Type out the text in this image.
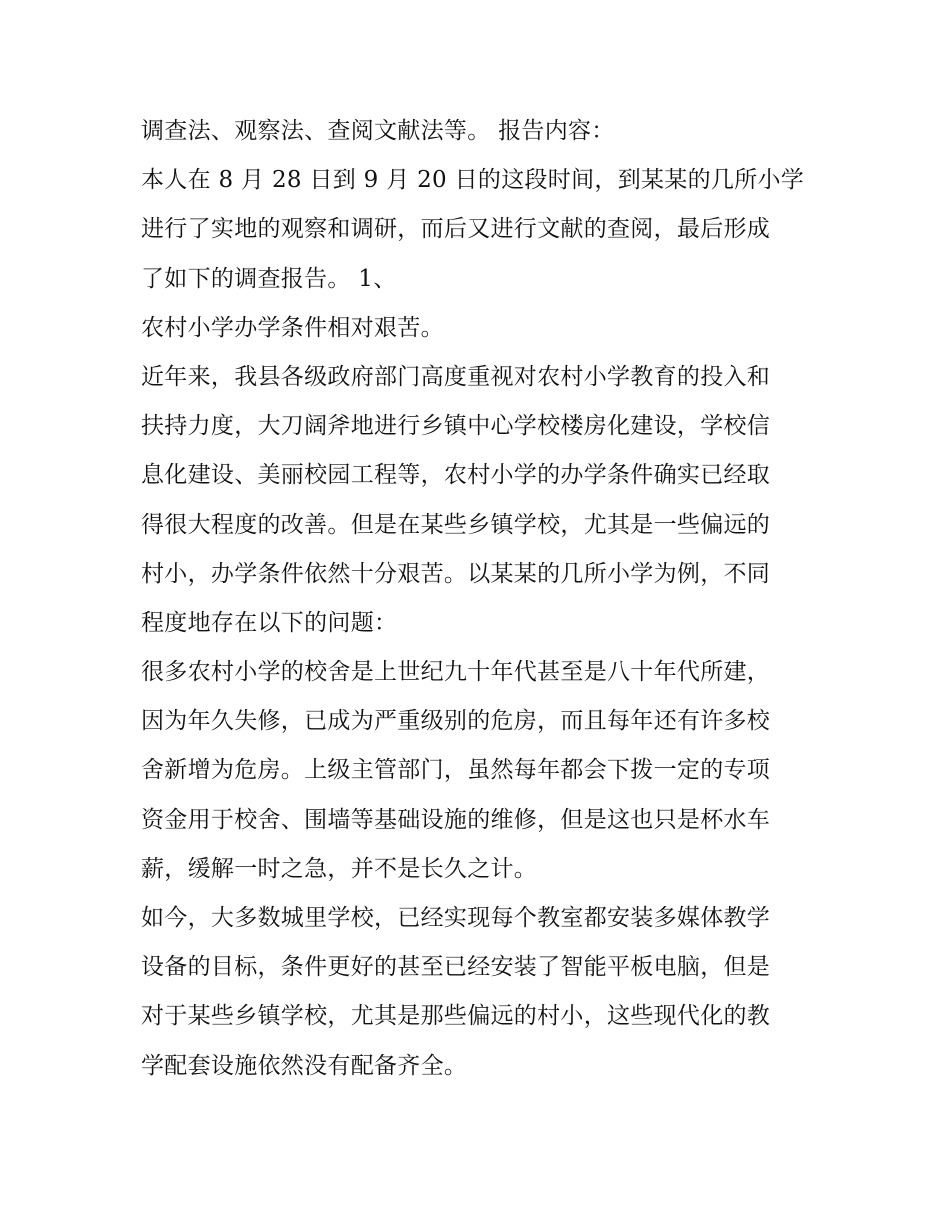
调查法、观察法、查阅文献法等。 报告内容：
本人在 8 月 28 日到 9 月 20 日的这段时间，到某某的几所小学
进行了实地的观察和调研，而后又进行文献的查阅，最后形成
了如下的调查报告。 1、
农村小学办学条件相对艰苦。
近年来，我县各级政府部门高度重视对农村小学教育的投入和
扶持力度，大刀阔斧地进行乡镇中心学校楼房化建设，学校信
息化建设、美丽校园工程等，农村小学的办学条件确实已经取
得很大程度的改善。但是在某些乡镇学校，尤其是一些偏远的
村小，办学条件依然十分艰苦。以某某的几所小学为例，不同
程度地存在以下的问题：
很多农村小学的校舍是上世纪九十年代甚至是八十年代所建，
因为年久失修，已成为严重级别的危房，而且每年还有许多校
舍新增为危房。上级主管部门，虽然每年都会下拨一定的专项
资金用于校舍、围墙等基础设施的维修，但是这也只是杯水车
薪，缓解一时之急，并不是长久之计。
如今，大多数城里学校，已经实现每个教室都安装多媒体教学
设备的目标，条件更好的甚至已经安装了智能平板电脑，但是
对于某些乡镇学校，尤其是那些偏远的村小，这些现代化的教
学配套设施依然没有配备齐全。
